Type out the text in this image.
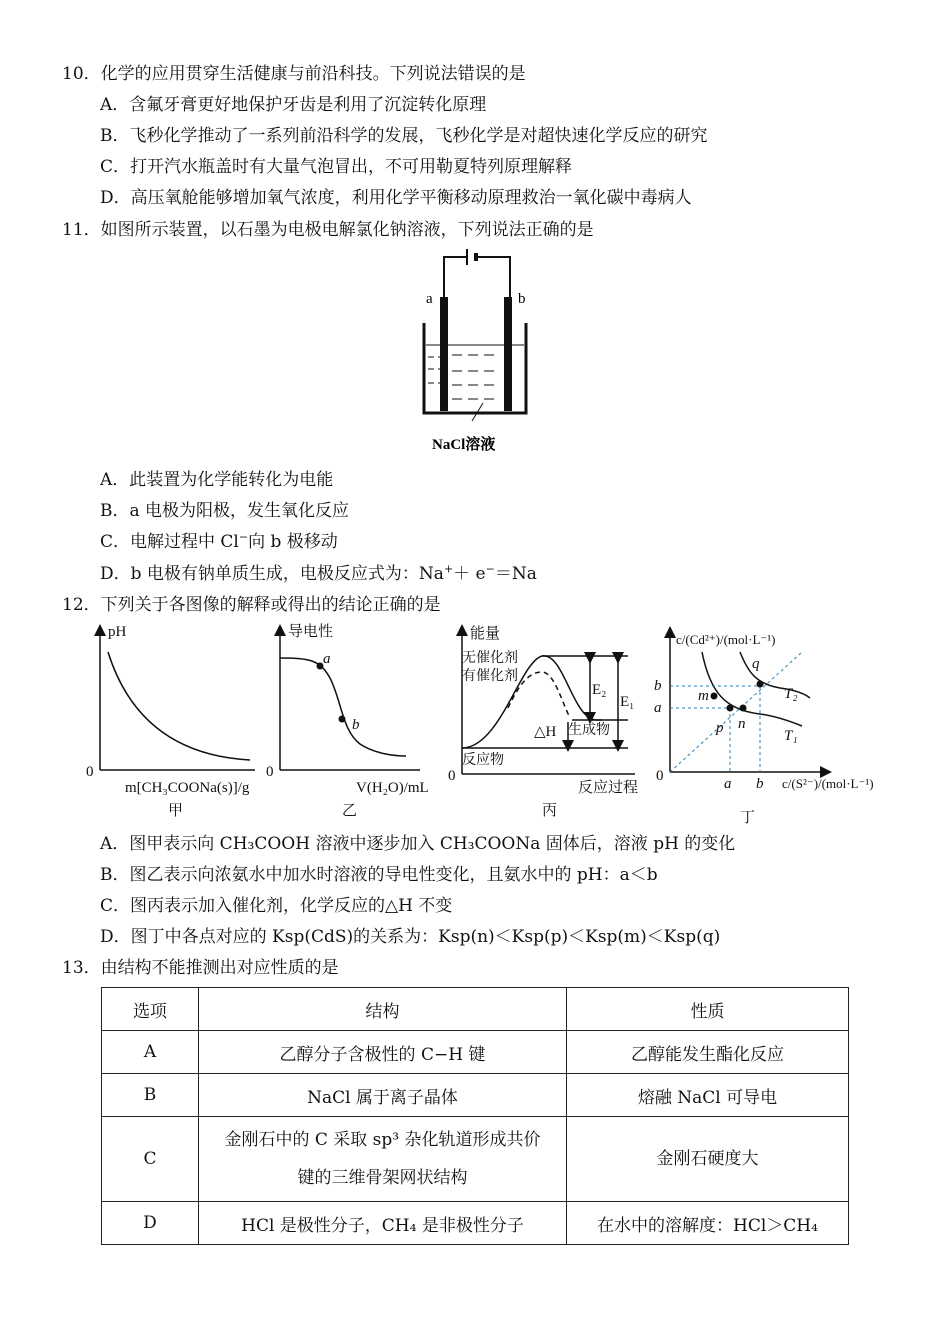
10．化学的应用贯穿生活健康与前沿科技。下列说法错误的是
A．含氟牙膏更好地保护牙齿是利用了沉淀转化原理
B．飞秒化学推动了一系列前沿科学的发展，飞秒化学是对超快速化学反应的研究
C．打开汽水瓶盖时有大量气泡冒出，不可用勒夏特列原理解释
D．高压氧舱能够增加氧气浓度，利用化学平衡移动原理救治一氧化碳中毒病人
11．如图所示装置，以石墨为电极电解氯化钠溶液，下列说法正确的是
a	b
NaCl溶液
A．此装置为化学能转化为电能
B．a 电极为阳极，发生氧化反应
C．电解过程中 Cl−向 b 极移动
D．b 电极有钠单质生成，电极反应式为：Na+＋ e−＝Na
12．下列关于各图像的解释或得出的结论正确的是
pH
0
m[CH₃COONa(s)]/g
甲
导电性
a
b
0
V(H₂O)/mL
乙
能量
无催化剂
有催化剂
E₂
E₁
△H 生成物
反应物
0
反应过程
丙
c/(Cd²⁺)/(mol·L⁻¹)
b
a
q
m
p n
T₂
T₁
0	a b c/(S²⁻)/(mol·L⁻¹)
丁
A．图甲表示向 CH₃COOH 溶液中逐步加入 CH₃COONa 固体后，溶液 pH 的变化
B．图乙表示向浓氨水中加水时溶液的导电性变化，且氨水中的 pH：a＜b
C．图丙表示加入催化剂，化学反应的△H 不变
D．图丁中各点对应的 Ksp(CdS)的关系为：Ksp(n)＜Ksp(p)＜Ksp(m)＜Ksp(q)
13．由结构不能推测出对应性质的是
选项	结构	性质
A	乙醇分子含极性的 C−H 键	乙醇能发生酯化反应
B	NaCl 属于离子晶体	熔融 NaCl 可导电
C	金刚石中的 C 采取 sp³ 杂化轨道形成共价
键的三维骨架网状结构	金刚石硬度大
D	HCl 是极性分子，CH₄ 是非极性分子	在水中的溶解度：HCl＞CH₄
